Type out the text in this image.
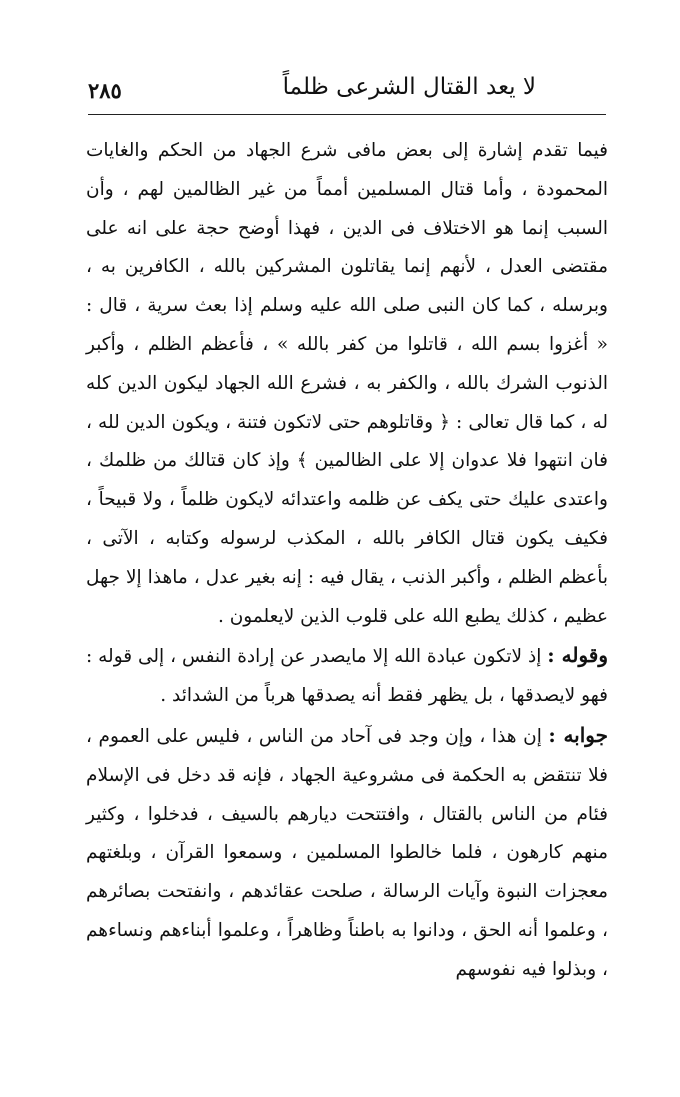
لا يعد القتال الشرعى ظلماً
٢٨٥

فيما تقدم إشارة إلى بعض مافى شرع الجهاد من الحكم والغايات المحمودة ، وأما قتال المسلمين أمماً من غير الظالمين لهم ، وأن السبب إنما هو الاختلاف فى الدين ، فهذا أوضح حجة على انه على مقتضى العدل ، لأنهم إنما يقاتلون المشركين بالله ، الكافرين به ، وبرسله ، كما كان النبى صلى الله عليه وسلم إذا بعث سرية ، قال : « أغزوا بسم الله ، قاتلوا من كفر بالله » ، فأعظم الظلم ، وأكبر الذنوب الشرك بالله ، والكفر به ، فشرع الله الجهاد ليكون الدين كله له ، كما قال تعالى : ﴿ وقاتلوهم حتى لاتكون فتنة ، ويكون الدين لله ، فان انتهوا فلا عدوان إلا على الظالمين ﴾ وإذ كان قتالك من ظلمك ، واعتدى عليك حتى يكف عن ظلمه واعتدائه لايكون ظلماً ، ولا قبيحاً ، فكيف يكون قتال الكافر بالله ، المكذب لرسوله وكتابه ، الآتى ، بأعظم الظلم ، وأكبر الذنب ، يقال فيه : إنه بغير عدل ، ماهذا إلا جهل عظيم ، كذلك يطبع الله على قلوب الذين لايعلمون .

وقوله : إذ لاتكون عبادة الله إلا مايصدر عن إرادة النفس ، إلى قوله : فهو لايصدقها ، بل يظهر فقط أنه يصدقها هرباً من الشدائد .

جوابه : إن هذا ، وإن وجد فى آحاد من الناس ، فليس على العموم ، فلا تنتقض به الحكمة فى مشروعية الجهاد ، فإنه قد دخل فى الإسلام فئام من الناس بالقتال ، وافتتحت ديارهم بالسيف ، فدخلوا ، وكثير منهم كارهون ، فلما خالطوا المسلمين ، وسمعوا القرآن ، وبلغتهم معجزات النبوة وآيات الرسالة ، صلحت عقائدهم ، وانفتحت بصائرهم ، وعلموا أنه الحق ، ودانوا به باطناً وظاهراً ، وعلموا أبناءهم ونساءهم ، وبذلوا فيه نفوسهم
